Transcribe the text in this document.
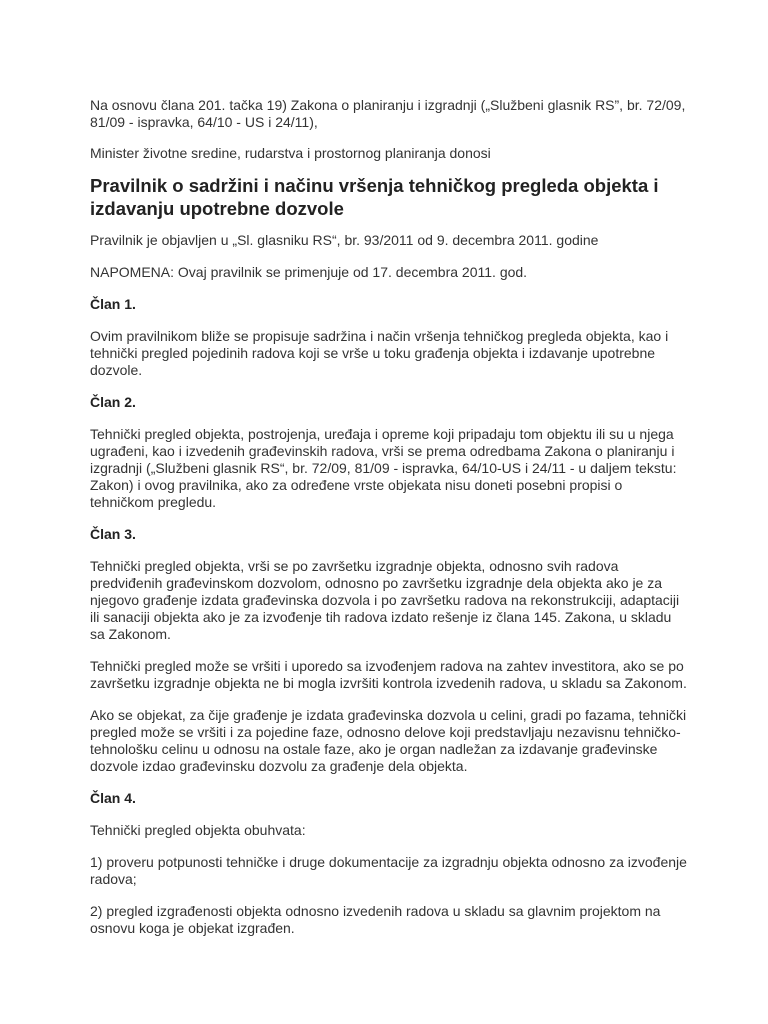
Na osnovu člana 201. tačka 19) Zakona o planiranju i izgradnji („Službeni glasnik RS”, br. 72/09, 81/09 - ispravka, 64/10 - US i 24/11),

Minister životne sredine, rudarstva i prostornog planiranja donosi

Pravilnik o sadržini i načinu vršenja tehničkog pregleda objekta i izdavanju upotrebne dozvole

Pravilnik je objavljen u „Sl. glasniku RS“, br. 93/2011 od 9. decembra 2011. godine

NAPOMENA: Ovaj pravilnik se primenjuje od 17. decembra 2011. god.

Član 1.

Ovim pravilnikom bliže se propisuje sadržina i način vršenja tehničkog pregleda objekta, kao i tehnički pregled pojedinih radova koji se vrše u toku građenja objekta i izdavanje upotrebne dozvole.

Član 2.

Tehnički pregled objekta, postrojenja, uređaja i opreme koji pripadaju tom objektu ili su u njega ugrađeni, kao i izvedenih građevinskih radova, vrši se prema odredbama Zakona o planiranju i izgradnji („Službeni glasnik RS“, br. 72/09, 81/09 - ispravka, 64/10-US i 24/11 - u daljem tekstu: Zakon) i ovog pravilnika, ako za određene vrste objekata nisu doneti posebni propisi o tehničkom pregledu.

Član 3.

Tehnički pregled objekta, vrši se po završetku izgradnje objekta, odnosno svih radova predviđenih građevinskom dozvolom, odnosno po završetku izgradnje dela objekta ako je za njegovo građenje izdata građevinska dozvola i po završetku radova na rekonstrukciji, adaptaciji ili sanaciji objekta ako je za izvođenje tih radova izdato rešenje iz člana 145. Zakona, u skladu sa Zakonom.

Tehnički pregled može se vršiti i uporedo sa izvođenjem radova na zahtev investitora, ako se po završetku izgradnje objekta ne bi mogla izvršiti kontrola izvedenih radova, u skladu sa Zakonom.

Ako se objekat, za čije građenje je izdata građevinska dozvola u celini, gradi po fazama, tehnički pregled može se vršiti i za pojedine faze, odnosno delove koji predstavljaju nezavisnu tehničko-tehnološku celinu u odnosu na ostale faze, ako je organ nadležan za izdavanje građevinske dozvole izdao građevinsku dozvolu za građenje dela objekta.

Član 4.

Tehnički pregled objekta obuhvata:

1) proveru potpunosti tehničke i druge dokumentacije za izgradnju objekta odnosno za izvođenje radova;

2) pregled izgrađenosti objekta odnosno izvedenih radova u skladu sa glavnim projektom na osnovu koga je objekat izgrađen.
